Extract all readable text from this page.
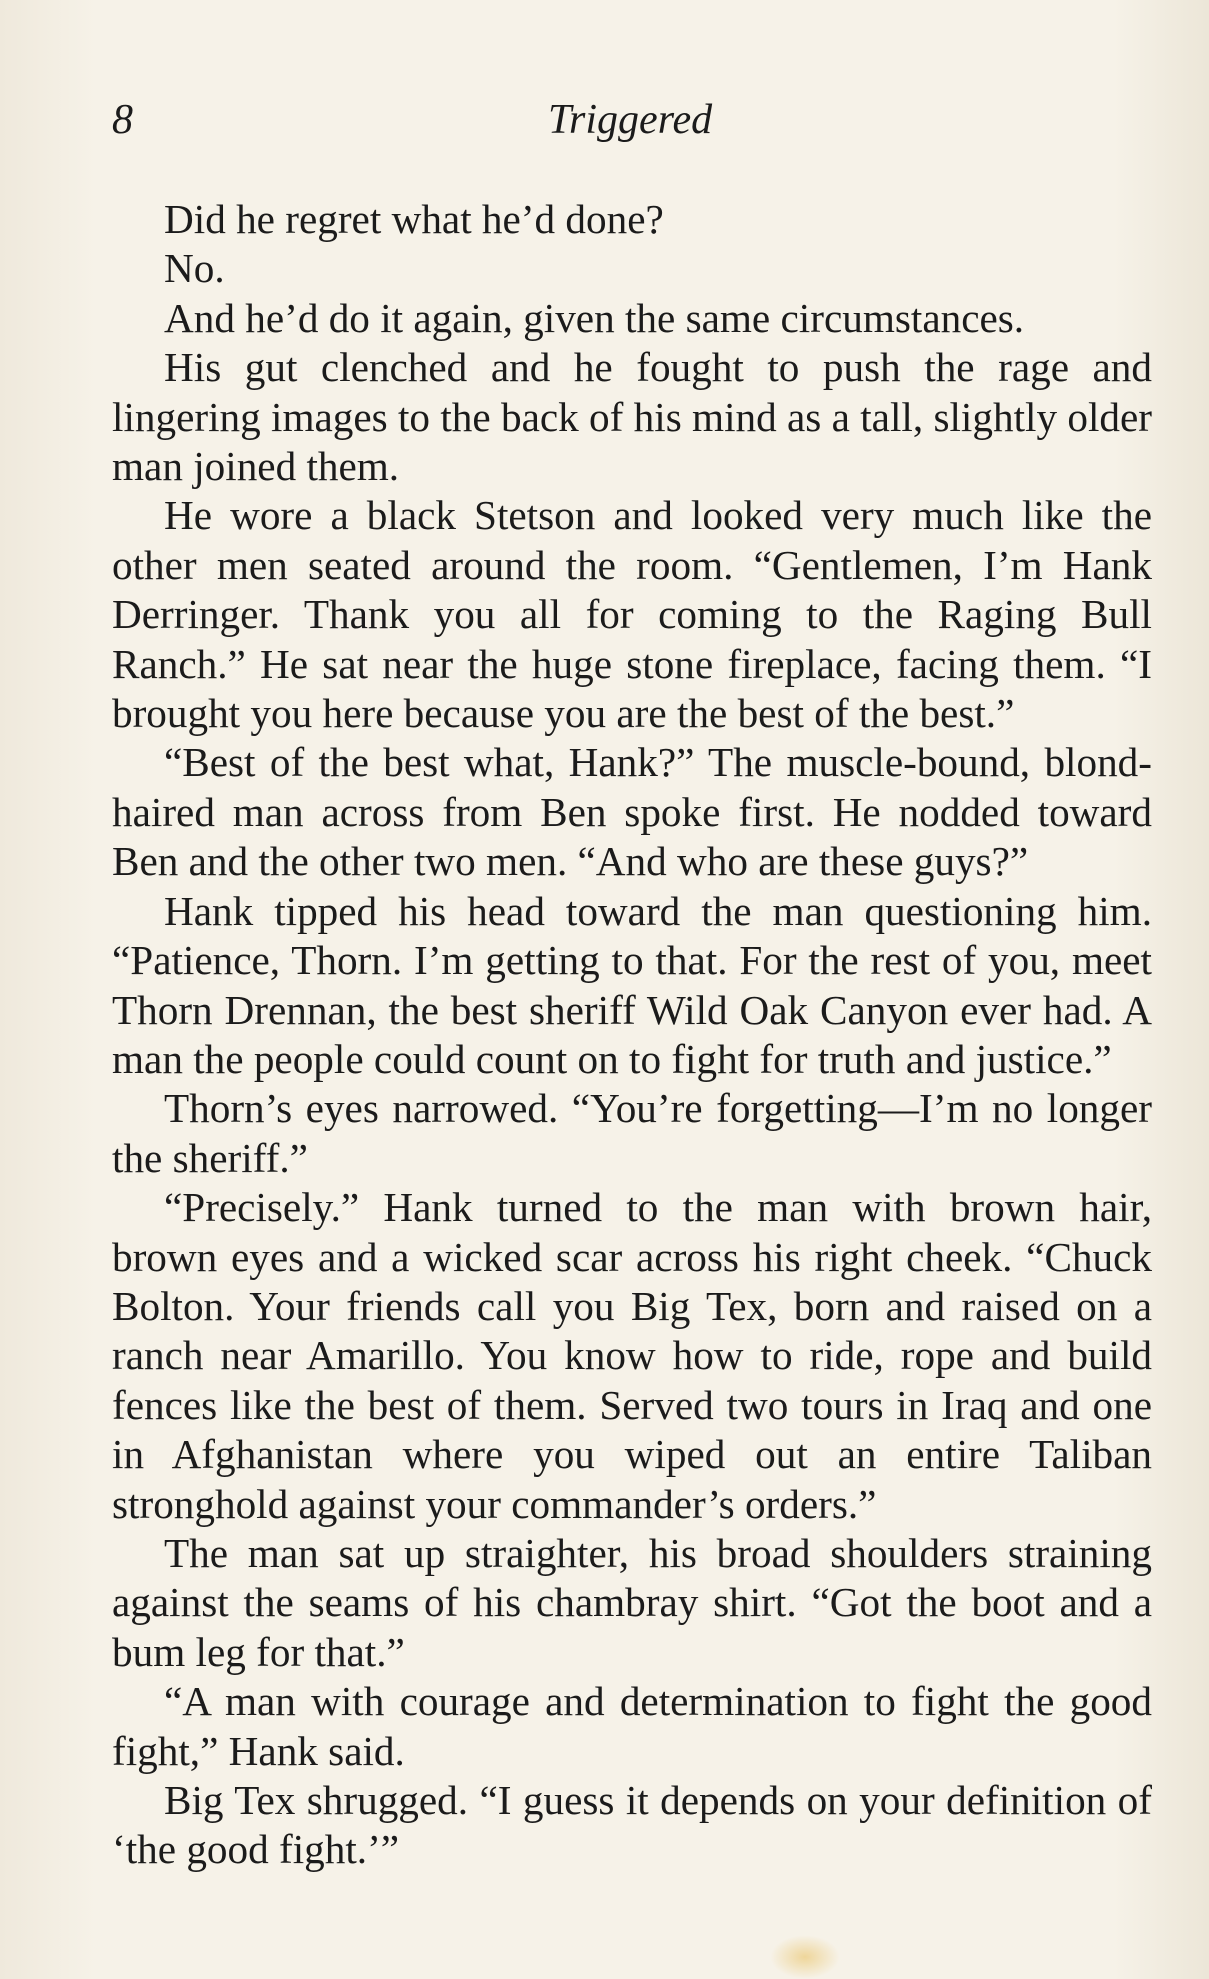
8	Triggered

Did he regret what he’d done?

No.

And he’d do it again, given the same circumstances.

His gut clenched and he fought to push the rage and lingering images to the back of his mind as a tall, slightly older man joined them.

He wore a black Stetson and looked very much like the other men seated around the room. “Gentlemen, I’m Hank Derringer. Thank you all for coming to the Raging Bull Ranch.” He sat near the huge stone fireplace, facing them. “I brought you here because you are the best of the best.”

“Best of the best what, Hank?” The muscle-bound, blond-haired man across from Ben spoke first. He nodded toward Ben and the other two men. “And who are these guys?”

Hank tipped his head toward the man questioning him. “Patience, Thorn. I’m getting to that. For the rest of you, meet Thorn Drennan, the best sheriff Wild Oak Canyon ever had. A man the people could count on to fight for truth and justice.”

Thorn’s eyes narrowed. “You’re forgetting—I’m no longer the sheriff.”

“Precisely.” Hank turned to the man with brown hair, brown eyes and a wicked scar across his right cheek. “Chuck Bolton. Your friends call you Big Tex, born and raised on a ranch near Amarillo. You know how to ride, rope and build fences like the best of them. Served two tours in Iraq and one in Afghanistan where you wiped out an entire Taliban stronghold against your commander’s orders.”

The man sat up straighter, his broad shoulders straining against the seams of his chambray shirt. “Got the boot and a bum leg for that.”

“A man with courage and determination to fight the good fight,” Hank said.

Big Tex shrugged. “I guess it depends on your definition of ‘the good fight.’”
